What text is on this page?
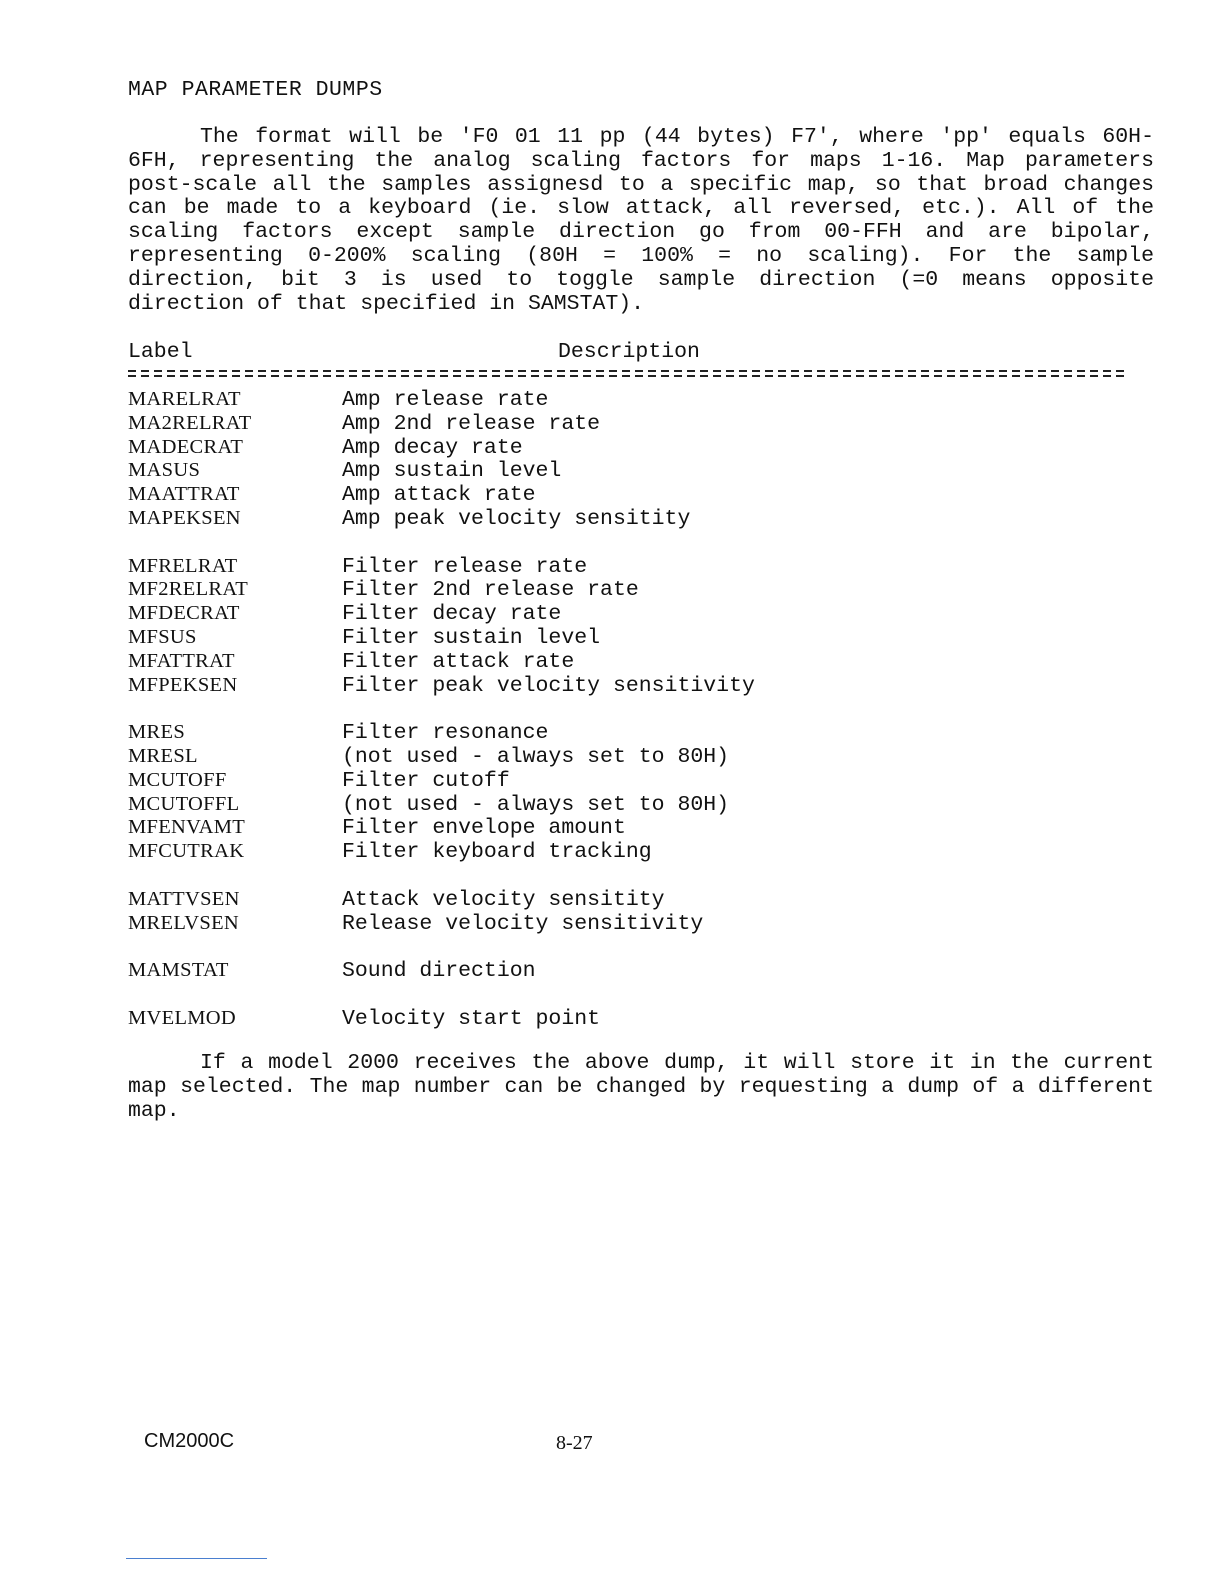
MAP PARAMETER DUMPS

The format will be 'F0 01 11 pp (44 bytes) F7', where 'pp' equals 60H-6FH, representing the analog scaling factors for maps 1-16. Map parameters post-scale all the samples assignesd to a specific map, so that broad changes can be made to a keyboard (ie. slow attack, all reversed, etc.). All of the scaling factors except sample direction go from 00-FFH and are bipolar, representing 0-200% scaling (80H = 100% = no scaling). For the sample direction, bit 3 is used to toggle sample direction (=0 means opposite direction of that specified in SAMSTAT).

Label	Description
MARELRAT	Amp release rate
MA2RELRAT	Amp 2nd release rate
MADECRAT	Amp decay rate
MASUS	Amp sustain level
MAATTRAT	Amp attack rate
MAPEKSEN	Amp peak velocity sensitity
MFRELRAT	Filter release rate
MF2RELRAT	Filter 2nd release rate
MFDECRAT	Filter decay rate
MFSUS	Filter sustain level
MFATTRAT	Filter attack rate
MFPEKSEN	Filter peak velocity sensitivity
MRES	Filter resonance
MRESL	(not used - always set to 80H)
MCUTOFF	Filter cutoff
MCUTOFFL	(not used - always set to 80H)
MFENVAMT	Filter envelope amount
MFCUTRAK	Filter keyboard tracking
MATTVSEN	Attack velocity sensitity
MRELVSEN	Release velocity sensitivity
MAMSTAT	Sound direction
MVELMOD	Velocity start point

If a model 2000 receives the above dump, it will store it in the current map selected. The map number can be changed by requesting a dump of a different map.

CM2000C	8-27
